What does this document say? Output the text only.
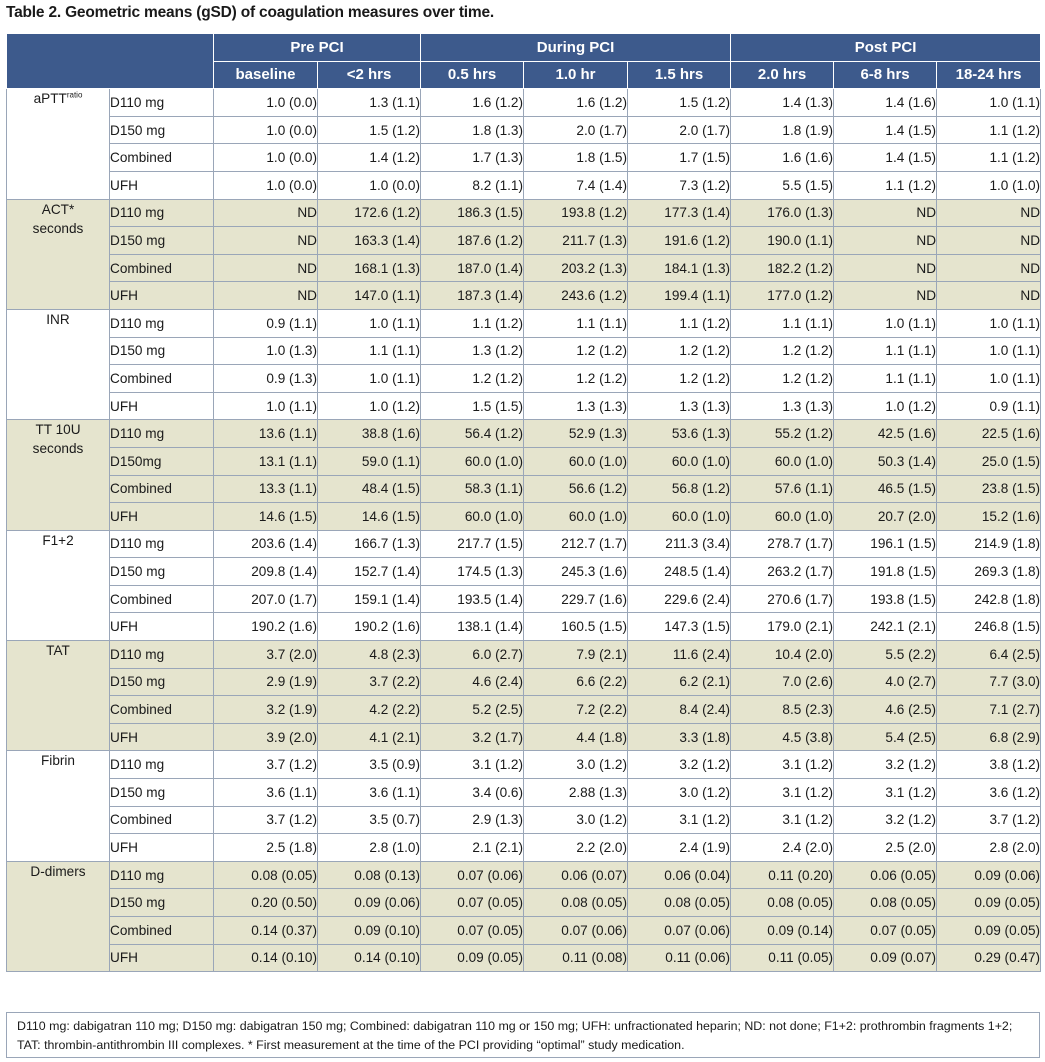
Table 2. Geometric means (gSD) of coagulation measures over time.
		Pre PCI		During PCI			Post PCI		
		baseline	<2 hrs	0.5 hrs	1.0 hr	1.5 hrs	2.0 hrs	6-8 hrs	18-24 hrs
aPTT$^{ratio}$	D110 mg	1.0 (0.0)	1.3 (1.1)	1.6 (1.2)	1.6 (1.2)	1.5 (1.2)	1.4 (1.3)	1.4 (1.6)	1.0 (1.1)
	D150 mg	1.0 (0.0)	1.5 (1.2)	1.8 (1.3)	2.0 (1.7)	2.0 (1.7)	1.8 (1.9)	1.4 (1.5)	1.1 (1.2)
	Combined	1.0 (0.0)	1.4 (1.2)	1.7 (1.3)	1.8 (1.5)	1.7 (1.5)	1.6 (1.6)	1.4 (1.5)	1.1 (1.2)
	UFH	1.0 (0.0)	1.0 (0.0)	8.2 (1.1)	7.4 (1.4)	7.3 (1.2)	5.5 (1.5)	1.1 (1.2)	1.0 (1.0)
ACT*
seconds	D110 mg	ND	172.6 (1.2)	186.3 (1.5)	193.8 (1.2)	177.3 (1.4)	176.0 (1.3)	ND	ND
	D150 mg	ND	163.3 (1.4)	187.6 (1.2)	211.7 (1.3)	191.6 (1.2)	190.0 (1.1)	ND	ND
	Combined	ND	168.1 (1.3)	187.0 (1.4)	203.2 (1.3)	184.1 (1.3)	182.2 (1.2)	ND	ND
	UFH	ND	147.0 (1.1)	187.3 (1.4)	243.6 (1.2)	199.4 (1.1)	177.0 (1.2)	ND	ND
INR	D110 mg	0.9 (1.1)	1.0 (1.1)	1.1 (1.2)	1.1 (1.1)	1.1 (1.2)	1.1 (1.1)	1.0 (1.1)	1.0 (1.1)
	D150 mg	1.0 (1.3)	1.1 (1.1)	1.3 (1.2)	1.2 (1.2)	1.2 (1.2)	1.2 (1.2)	1.1 (1.1)	1.0 (1.1)
	Combined	0.9 (1.3)	1.0 (1.1)	1.2 (1.2)	1.2 (1.2)	1.2 (1.2)	1.2 (1.2)	1.1 (1.1)	1.0 (1.1)
	UFH	1.0 (1.1)	1.0 (1.2)	1.5 (1.5)	1.3 (1.3)	1.3 (1.3)	1.3 (1.3)	1.0 (1.2)	0.9 (1.1)
TT 10U
seconds	D110 mg	13.6 (1.1)	38.8 (1.6)	56.4 (1.2)	52.9 (1.3)	53.6 (1.3)	55.2 (1.2)	42.5 (1.6)	22.5 (1.6)
	D150mg	13.1 (1.1)	59.0 (1.1)	60.0 (1.0)	60.0 (1.0)	60.0 (1.0)	60.0 (1.0)	50.3 (1.4)	25.0 (1.5)
	Combined	13.3 (1.1)	48.4 (1.5)	58.3 (1.1)	56.6 (1.2)	56.8 (1.2)	57.6 (1.1)	46.5 (1.5)	23.8 (1.5)
	UFH	14.6 (1.5)	14.6 (1.5)	60.0 (1.0)	60.0 (1.0)	60.0 (1.0)	60.0 (1.0)	20.7 (2.0)	15.2 (1.6)
F1+2	D110 mg	203.6 (1.4)	166.7 (1.3)	217.7 (1.5)	212.7 (1.7)	211.3 (3.4)	278.7 (1.7)	196.1 (1.5)	214.9 (1.8)
	D150 mg	209.8 (1.4)	152.7 (1.4)	174.5 (1.3)	245.3 (1.6)	248.5 (1.4)	263.2 (1.7)	191.8 (1.5)	269.3 (1.8)
	Combined	207.0 (1.7)	159.1 (1.4)	193.5 (1.4)	229.7 (1.6)	229.6 (2.4)	270.6 (1.7)	193.8 (1.5)	242.8 (1.8)
	UFH	190.2 (1.6)	190.2 (1.6)	138.1 (1.4)	160.5 (1.5)	147.3 (1.5)	179.0 (2.1)	242.1 (2.1)	246.8 (1.5)
TAT	D110 mg	3.7 (2.0)	4.8 (2.3)	6.0 (2.7)	7.9 (2.1)	11.6 (2.4)	10.4 (2.0)	5.5 (2.2)	6.4 (2.5)
	D150 mg	2.9 (1.9)	3.7 (2.2)	4.6 (2.4)	6.6 (2.2)	6.2 (2.1)	7.0 (2.6)	4.0 (2.7)	7.7 (3.0)
	Combined	3.2 (1.9)	4.2 (2.2)	5.2 (2.5)	7.2 (2.2)	8.4 (2.4)	8.5 (2.3)	4.6 (2.5)	7.1 (2.7)
	UFH	3.9 (2.0)	4.1 (2.1)	3.2 (1.7)	4.4 (1.8)	3.3 (1.8)	4.5 (3.8)	5.4 (2.5)	6.8 (2.9)
Fibrin	D110 mg	3.7 (1.2)	3.5 (0.9)	3.1 (1.2)	3.0 (1.2)	3.2 (1.2)	3.1 (1.2)	3.2 (1.2)	3.8 (1.2)
	D150 mg	3.6 (1.1)	3.6 (1.1)	3.4 (0.6)	2.88 (1.3)	3.0 (1.2)	3.1 (1.2)	3.1 (1.2)	3.6 (1.2)
	Combined	3.7 (1.2)	3.5 (0.7)	2.9 (1.3)	3.0 (1.2)	3.1 (1.2)	3.1 (1.2)	3.2 (1.2)	3.7 (1.2)
	UFH	2.5 (1.8)	2.8 (1.0)	2.1 (2.1)	2.2 (2.0)	2.4 (1.9)	2.4 (2.0)	2.5 (2.0)	2.8 (2.0)
D-dimers	D110 mg	0.08 (0.05)	0.08 (0.13)	0.07 (0.06)	0.06 (0.07)	0.06 (0.04)	0.11 (0.20)	0.06 (0.05)	0.09 (0.06)
	D150 mg	0.20 (0.50)	0.09 (0.06)	0.07 (0.05)	0.08 (0.05)	0.08 (0.05)	0.08 (0.05)	0.08 (0.05)	0.09 (0.05)
	Combined	0.14 (0.37)	0.09 (0.10)	0.07 (0.05)	0.07 (0.06)	0.07 (0.06)	0.09 (0.14)	0.07 (0.05)	0.09 (0.05)
	UFH	0.14 (0.10)	0.14 (0.10)	0.09 (0.05)	0.11 (0.08)	0.11 (0.06)	0.11 (0.05)	0.09 (0.07)	0.29 (0.47)
D110 mg: dabigatran 110 mg; D150 mg: dabigatran 150 mg; Combined: dabigatran 110 mg or 150 mg; UFH: unfractionated heparin; ND: not done; F1+2: prothrombin fragments 1+2;
TAT: thrombin-antithrombin III complexes. * First measurement at the time of the PCI providing “optimal” study medication.
